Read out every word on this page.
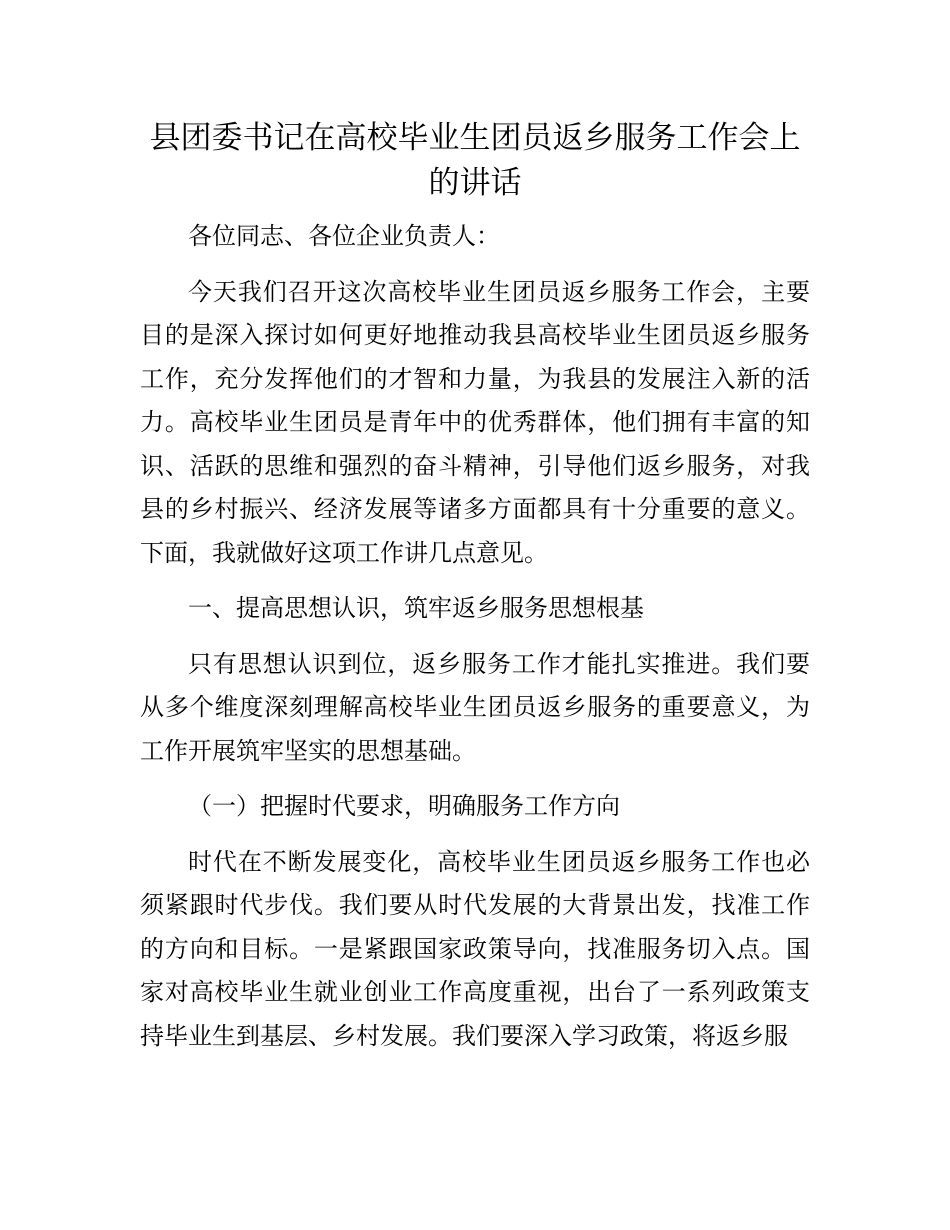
县团委书记在高校毕业生团员返乡服务工作会上的讲话

各位同志、各位企业负责人：

今天我们召开这次高校毕业生团员返乡服务工作会，主要目的是深入探讨如何更好地推动我县高校毕业生团员返乡服务工作，充分发挥他们的才智和力量，为我县的发展注入新的活力。高校毕业生团员是青年中的优秀群体，他们拥有丰富的知识、活跃的思维和强烈的奋斗精神，引导他们返乡服务，对我县的乡村振兴、经济发展等诸多方面都具有十分重要的意义。下面，我就做好这项工作讲几点意见。

一、提高思想认识，筑牢返乡服务思想根基

只有思想认识到位，返乡服务工作才能扎实推进。我们要从多个维度深刻理解高校毕业生团员返乡服务的重要意义，为工作开展筑牢坚实的思想基础。

（一）把握时代要求，明确服务工作方向

时代在不断发展变化，高校毕业生团员返乡服务工作也必须紧跟时代步伐。我们要从时代发展的大背景出发，找准工作的方向和目标。一是紧跟国家政策导向，找准服务切入点。国家对高校毕业生就业创业工作高度重视，出台了一系列政策支持毕业生到基层、乡村发展。我们要深入学习政策，将返乡服
